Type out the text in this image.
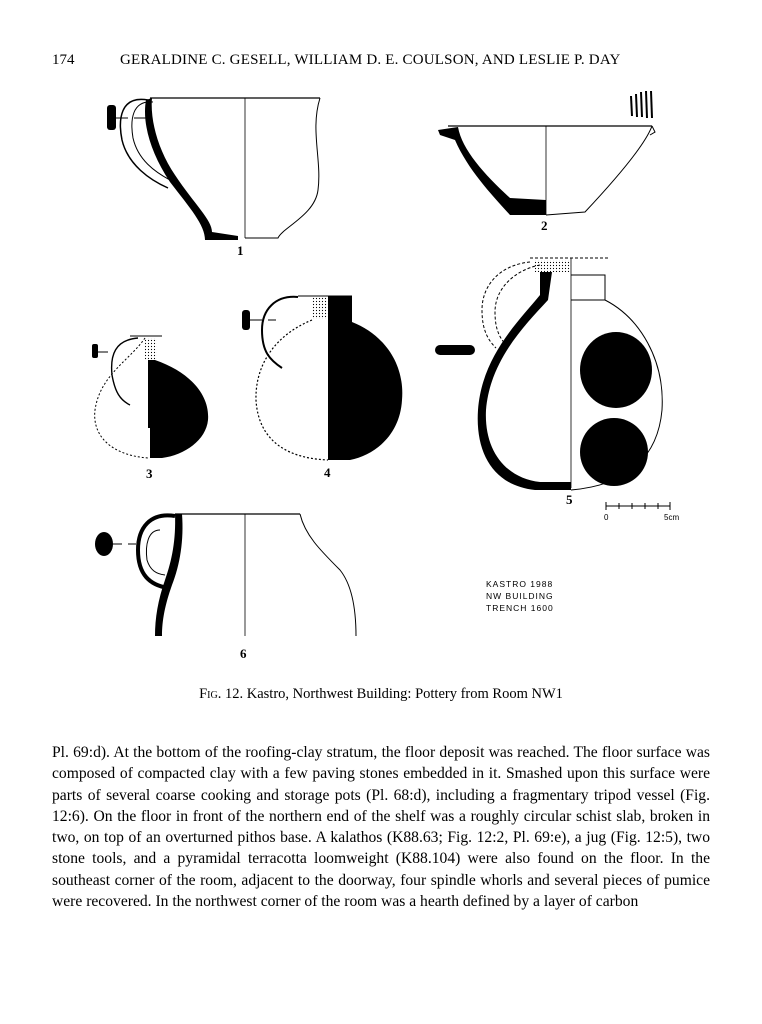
174	GERALDINE C. GESELL, WILLIAM D. E. COULSON, AND LESLIE P. DAY
1
2
3	4
5
0	5cm
6
KASTRO 1988
NW BUILDING
TRENCH 1600
Fig. 12. Kastro, Northwest Building: Pottery from Room NW1
Pl. 69:d). At the bottom of the roofing-clay stratum, the floor deposit was reached. The floor surface was composed of compacted clay with a few paving stones embedded in it. Smashed upon this surface were parts of several coarse cooking and storage pots (Pl. 68:d), including a fragmentary tripod vessel (Fig. 12:6). On the floor in front of the northern end of the shelf was a roughly circular schist slab, broken in two, on top of an overturned pithos base. A kalathos (K88.63; Fig. 12:2, Pl. 69:e), a jug (Fig. 12:5), two stone tools, and a pyramidal terracotta loomweight (K88.104) were also found on the floor. In the southeast corner of the room, adjacent to the doorway, four spindle whorls and several pieces of pumice were recovered. In the northwest corner of the room was a hearth defined by a layer of carbon
